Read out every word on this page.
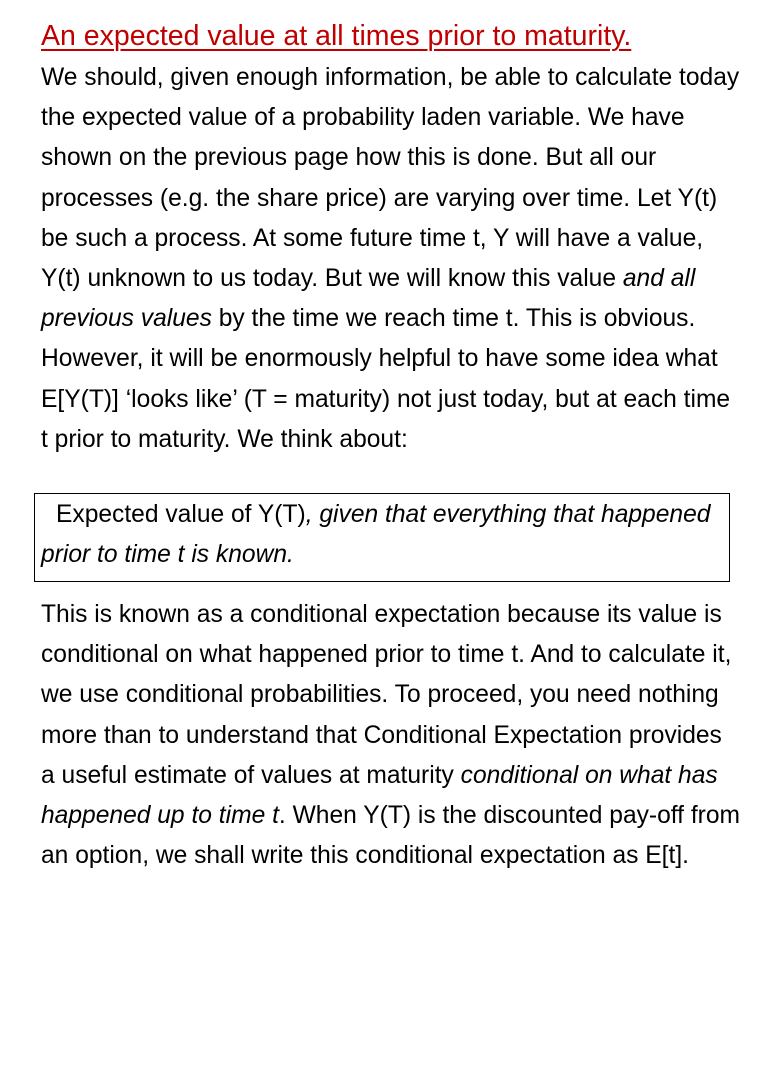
An expected value at all times prior to maturity.

We should, given enough information, be able to calculate today the expected value of a probability laden variable. We have shown on the previous page how this is done. But all our processes (e.g. the share price) are varying over time. Let Y(t) be such a process. At some future time t, Y will have a value, Y(t) unknown to us today. But we will know this value and all previous values by the time we reach time t. This is obvious. However, it will be enormously helpful to have some idea what E[Y(T)] ‘looks like’ (T = maturity) not just today, but at each time t prior to maturity. We think about:

Expected value of Y(T), given that everything that happened prior to time t is known.

This is known as a conditional expectation because its value is conditional on what happened prior to time t. And to calculate it, we use conditional probabilities. To proceed, you need nothing more than to understand that Conditional Expectation provides a useful estimate of values at maturity conditional on what has happened up to time t. When Y(T) is the discounted pay-off from an option, we shall write this conditional expectation as E[t].
